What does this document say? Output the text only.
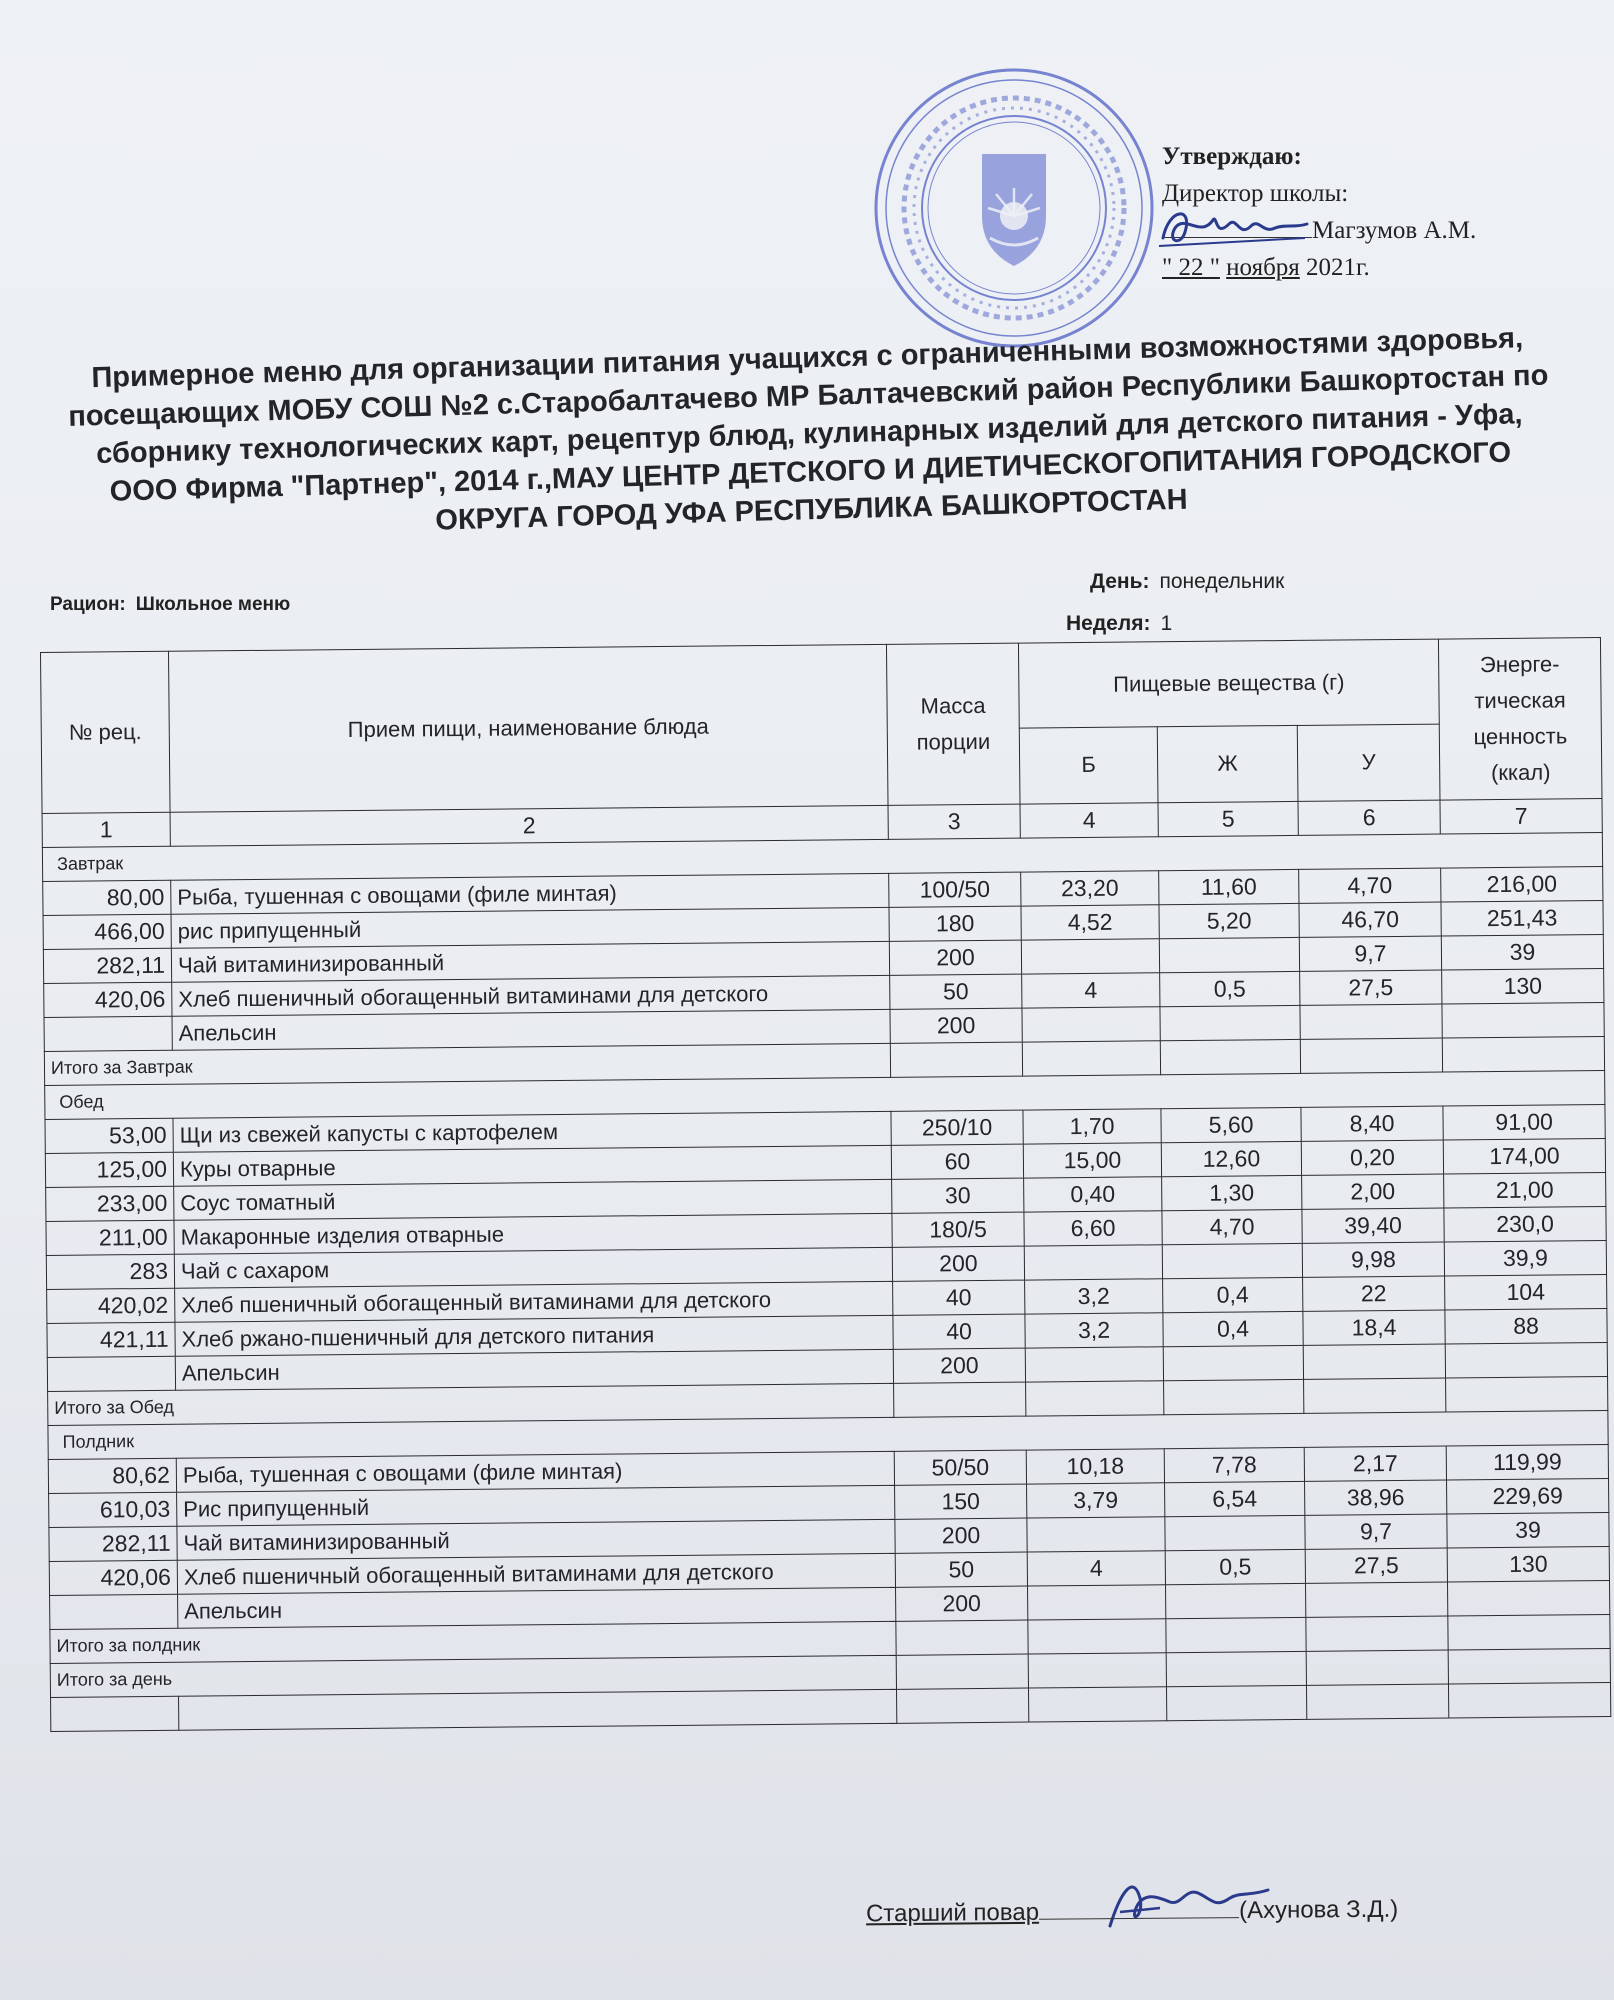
Утверждаю:
Директор школы:
Магзумов А.М.
" 22 " ноября 2021г.
Примерное меню для организации питания учащихся с ограниченными возможностями здоровья, посещающих МОБУ СОШ №2 с.Старобалтачево МР Балтачевский район Республики Башкортостан по сборнику технологических карт, рецептур блюд, кулинарных изделий для детского питания - Уфа, ООО Фирма "Партнер", 2014 г.,МАУ ЦЕНТР ДЕТСКОГО И ДИЕТИЧЕСКОГОПИТАНИЯ ГОРОДСКОГО ОКРУГА ГОРОД УФА РЕСПУБЛИКА БАШКОРТОСТАН
Рацион: Школьное меню
День: понедельник
Неделя: 1
№ рец.	Прием пищи, наименование блюда	Масса порции	Пищевые вещества (г)			Энерге-тическая ценность (ккал)
			Б	Ж	У	
1	2	3	4	5	6	7
Завтрак						
80,00	Рыба, тушенная с овощами (филе минтая)	100/50	23,20	11,60	4,70	216,00
466,00	рис припущенный	180	4,52	5,20	46,70	251,43
282,11	Чай витаминизированный	200			9,7	39
420,06	Хлеб пшеничный обогащенный витаминами для детского	50	4	0,5	27,5	130
	Апельсин	200				
Итого за Завтрак						
Обед						
53,00	Щи из свежей капусты с картофелем	250/10	1,70	5,60	8,40	91,00
125,00	Куры отварные	60	15,00	12,60	0,20	174,00
233,00	Соус томатный	30	0,40	1,30	2,00	21,00
211,00	Макаронные изделия отварные	180/5	6,60	4,70	39,40	230,0
283	Чай с сахаром	200			9,98	39,9
420,02	Хлеб пшеничный обогащенный витаминами для детского	40	3,2	0,4	22	104
421,11	Хлеб ржано-пшеничный для детского питания	40	3,2	0,4	18,4	88
	Апельсин	200				
Итого за Обед						
Полдник						
80,62	Рыба, тушенная с овощами (филе минтая)	50/50	10,18	7,78	2,17	119,99
610,03	Рис припущенный	150	3,79	6,54	38,96	229,69
282,11	Чай витаминизированный	200			9,7	39
420,06	Хлеб пшеничный обогащенный витаминами для детского	50	4	0,5	27,5	130
	Апельсин	200				
Итого за полдник						
Итого за день						

Старший повар	(Ахунова З.Д.)
